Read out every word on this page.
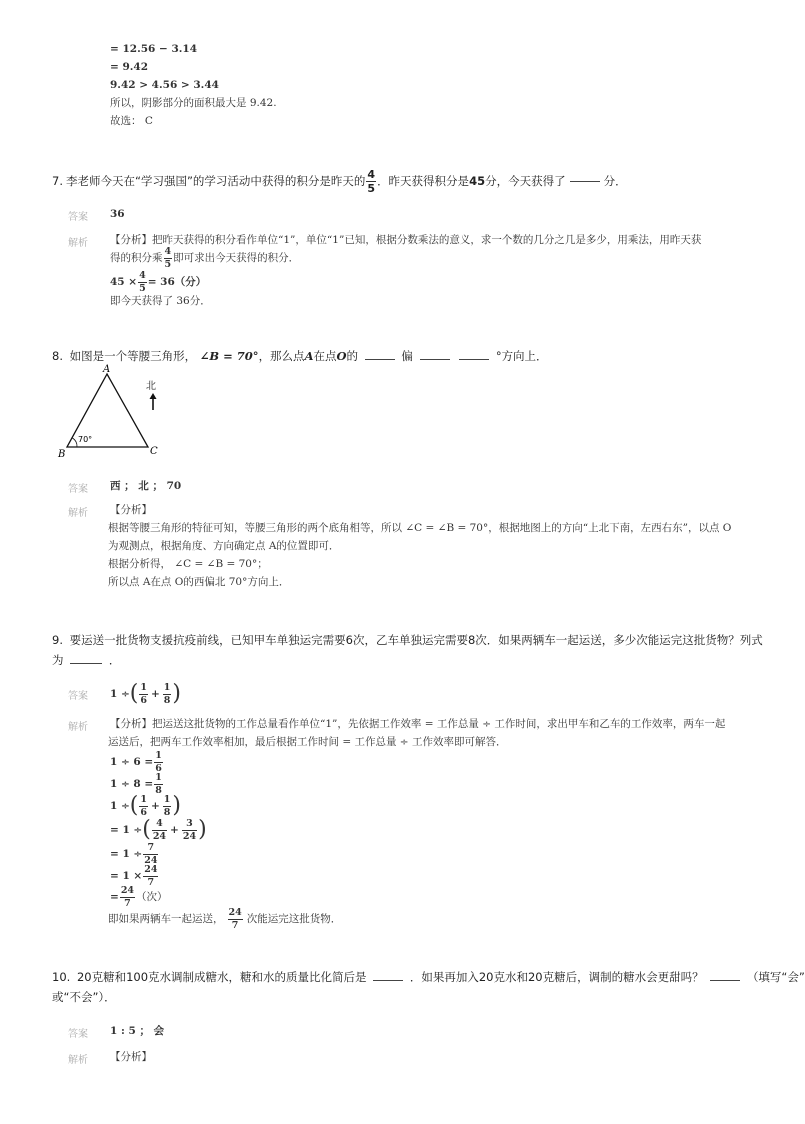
= 12.56 − 3.14
= 9.42
9.42 > 4.56 > 3.44
所以，阴影部分的面积最大是 9.42.
故选： C
7. 李老师今天在“学习强国”的学习活动中获得的积分是昨天的 $\frac{4}{5}$ ．昨天获得积分是 45 分，今天获得了	分．
答案 36
解析 【分析】把昨天获得的积分看作单位“1”，单位“1”已知，根据分数乘法的意义，求一个数的几分之几是多少，用乘法，用昨天获
得的积分乘 $\frac{4}{5}$ 即可求出今天获得的积分．
$45 \times \frac{4}{5} = 36$（分）
即今天获得了 36分．
8. 如图是一个等腰三角形， ∠B = 70°，那么点A在点O的	偏	°方向上．
A
B	C
70°
北
答案 西 ； 北 ； 70
解析 【分析】
根据等腰三角形的特征可知，等腰三角形的两个底角相等，所以 ∠C = ∠B = 70°，根据地图上的方向“上北下南，左西右东”，以点 O
为观测点，根据角度、方向确定点 A的位置即可．
根据分析得， ∠C = ∠B = 70°；
所以点 A在点 O的西偏北 70°方向上．
9. 要运送一批货物支援抗疫前线，已知甲车单独运完需要6次，乙车单独运完需要8次．如果两辆车一起运送，多少次能运完这批货物？列式
为	．
答案 1 ÷ ( $\frac{1}{6} + \frac{1}{8}$ )
解析 【分析】把运送这批货物的工作总量看作单位“1”，先依据工作效率 = 工作总量 ÷ 工作时间，求出甲车和乙车的工作效率，两车一起
运送后，把两车工作效率相加，最后根据工作时间 = 工作总量 ÷ 工作效率即可解答．
$1 \div 6 = \frac{1}{6}$
$1 \div 8 = \frac{1}{8}$
1 ÷ ( $\frac{1}{6} + \frac{1}{8}$ )
= 1 ÷ ( $\frac{4}{24} + \frac{3}{24}$ )
= $1 \div \frac{7}{24}$
= $1 \times \frac{24}{7}$
= $\frac{24}{7}$ （次）
即如果两辆车一起运送， $\frac{24}{7}$ 次能运完这批货物．
10. 20克糖和100克水调制成糖水，糖和水的质量比化简后是	．如果再加入20克水和20克糖后，调制的糖水会更甜吗？	（填写“会”
或“不会”）．
答案 1 : 5 ； 会
解析 【分析】
